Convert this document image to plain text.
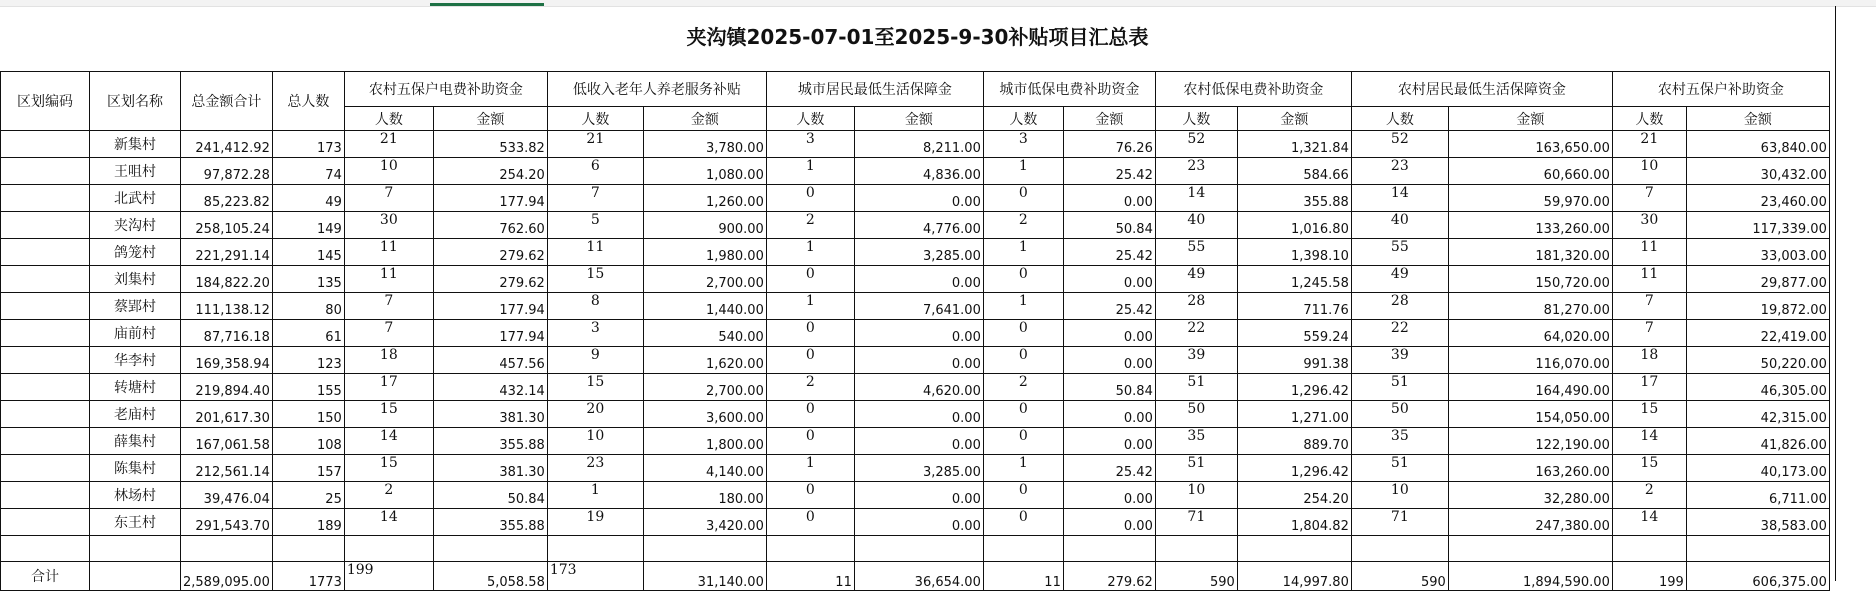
夹沟镇2025-07-01至2025-9-30补贴项目汇总表
区划编码	区划名称	总金额合计	总人数	农村五保户电费补助资金		低收入老年人养老服务补贴		城市居民最低生活保障金		城市低保电费补助资金		农村低保电费补助资金		农村居民最低生活保障资金		农村五保户补助资金	
				人数	金额	人数	金额	人数	金额	人数	金额	人数	金额	人数	金额	人数	金额
	新集村	241,412.92	173	21	533.82	21	3,780.00	3	8,211.00	3	76.26	52	1,321.84	52	163,650.00	21	63,840.00
	王咀村	97,872.28	74	10	254.20	6	1,080.00	1	4,836.00	1	25.42	23	584.66	23	60,660.00	10	30,432.00
	北武村	85,223.82	49	7	177.94	7	1,260.00	0	0.00	0	0.00	14	355.88	14	59,970.00	7	23,460.00
	夹沟村	258,105.24	149	30	762.60	5	900.00	2	4,776.00	2	50.84	40	1,016.80	40	133,260.00	30	117,339.00
	鸽笼村	221,291.14	145	11	279.62	11	1,980.00	1	3,285.00	1	25.42	55	1,398.10	55	181,320.00	11	33,003.00
	刘集村	184,822.20	135	11	279.62	15	2,700.00	0	0.00	0	0.00	49	1,245.58	49	150,720.00	11	29,877.00
	蔡郢村	111,138.12	80	7	177.94	8	1,440.00	1	7,641.00	1	25.42	28	711.76	28	81,270.00	7	19,872.00
	庙前村	87,716.18	61	7	177.94	3	540.00	0	0.00	0	0.00	22	559.24	22	64,020.00	7	22,419.00
	华李村	169,358.94	123	18	457.56	9	1,620.00	0	0.00	0	0.00	39	991.38	39	116,070.00	18	50,220.00
	转塘村	219,894.40	155	17	432.14	15	2,700.00	2	4,620.00	2	50.84	51	1,296.42	51	164,490.00	17	46,305.00
	老庙村	201,617.30	150	15	381.30	20	3,600.00	0	0.00	0	0.00	50	1,271.00	50	154,050.00	15	42,315.00
	薛集村	167,061.58	108	14	355.88	10	1,800.00	0	0.00	0	0.00	35	889.70	35	122,190.00	14	41,826.00
	陈集村	212,561.14	157	15	381.30	23	4,140.00	1	3,285.00	1	25.42	51	1,296.42	51	163,260.00	15	40,173.00
	林场村	39,476.04	25	2	50.84	1	180.00	0	0.00	0	0.00	10	254.20	10	32,280.00	2	6,711.00
	东王村	291,543.70	189	14	355.88	19	3,420.00	0	0.00	0	0.00	71	1,804.82	71	247,380.00	14	38,583.00

合计		2,589,095.00	1773	199	5,058.58	173	31,140.00	11	36,654.00	11	279.62	590	14,997.80	590	1,894,590.00	199	606,375.00
